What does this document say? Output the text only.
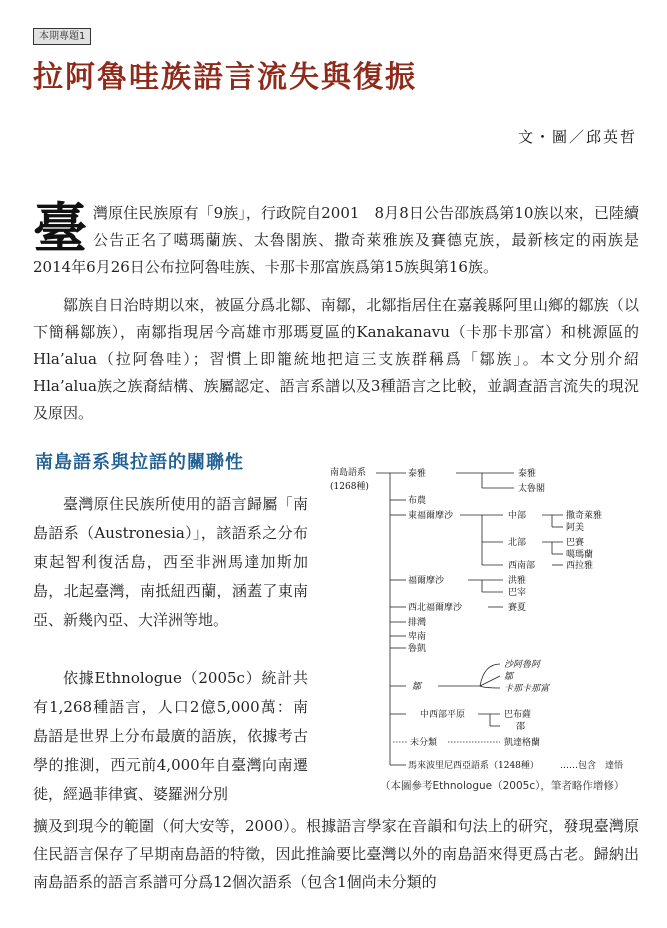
本期專題1
拉阿魯哇族語言流失與復振
文・圖／邱英哲

臺灣原住民族原有「9族」，行政院自2001　8月8日公告邵族爲第10族以來，已陸續公告正名了噶瑪蘭族、太魯閣族、撒奇萊雅族及賽德克族，最新核定的兩族是2014年6月26日公布拉阿魯哇族、卡那卡那富族爲第15族與第16族。

鄒族自日治時期以來，被區分爲北鄒、南鄒，北鄒指居住在嘉義縣阿里山鄉的鄒族（以下簡稱鄒族），南鄒指現居今高雄市那瑪夏區的Kanakanavu（卡那卡那富）和桃源區的Hla’alua（拉阿魯哇）；習慣上即籠統地把這三支族群稱爲「鄒族」。本文分別介紹Hla’alua族之族裔結構、族屬認定、語言系譜以及3種語言之比較，並調查語言流失的現況及原因。

南島語系與拉語的關聯性

臺灣原住民族所使用的語言歸屬「南島語系（Austronesia）」，該語系之分布東起智利復活島，西至非洲馬達加斯加島，北起臺灣，南抵紐西蘭，涵蓋了東南亞、新幾內亞、大洋洲等地。

依據Ethnologue（2005c）統計共有1,268種語言，人口2億5,000萬：南島語是世界上分布最廣的語族，依據考古學的推測，西元前4,000年自臺灣向南遷徙，經過菲律賓、婆羅洲分別

南島語系
(1268種)
泰雅
布農
東福爾摩沙
福爾摩沙
西北福爾摩沙
排灣
卑南
魯凱
鄒
中西部平原
未分類
馬來波里尼西亞語系（1248種） ……包含　達悟
泰雅
太魯閣
中部
北部
西南部
撒奇萊雅
阿美
巴賽
噶瑪蘭
西拉雅
洪雅
巴宰
賽夏
沙阿魯阿
鄒
卡那卡那富
巴布薩
邵
凱達格蘭
（本圖參考Ethnologue（2005c），筆者略作增修）

擴及到現今的範圍（何大安等，2000）。根據語言學家在音韻和句法上的研究，發現臺灣原住民語言保存了早期南島語的特徵，因此推論要比臺灣以外的南島語來得更爲古老。歸納出南島語系的語言系譜可分爲12個次語系（包含1個尚未分類的
